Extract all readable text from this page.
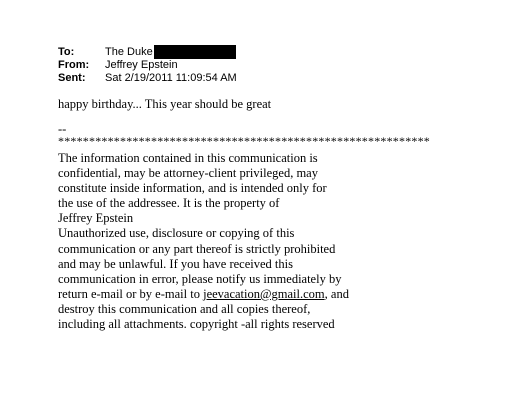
To:	The Duke
From:	Jeffrey Epstein
Sent:	Sat 2/19/2011 11:09:54 AM
happy birthday... This year should be great
--
************************************************************
The information contained in this communication is
confidential, may be attorney-client privileged, may
constitute inside information, and is intended only for
the use of the addressee. It is the property of
Jeffrey Epstein
Unauthorized use, disclosure or copying of this
communication or any part thereof is strictly prohibited
and may be unlawful. If you have received this
communication in error, please notify us immediately by
return e-mail or by e-mail to jeevacation@gmail.com, and
destroy this communication and all copies thereof,
including all attachments. copyright -all rights reserved
